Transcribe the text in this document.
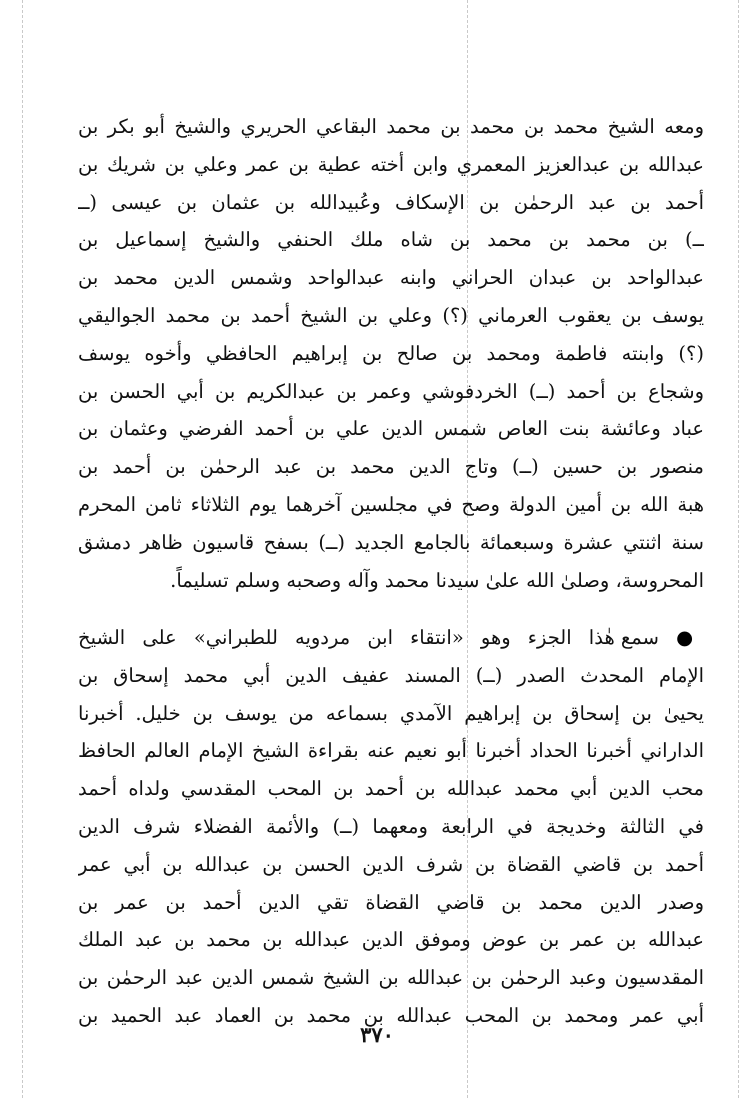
ومعه الشيخ محمد بن محمد بن محمد البقاعي الحريري والشيخ أبو بكر بن
عبدالله بن عبدالعزيز المعمري وابن أخته عطية بن عمر وعلي بن شريك بن
أحمد بن عبد الرحمٰن بن الإسكاف وعُبيدالله بن عثمان بن عيسى (ــ
ــ) بن محمد بن محمد بن شاه ملك الحنفي والشيخ إسماعيل بن
عبدالواحد بن عبدان الحراني وابنه عبدالواحد وشمس الدين محمد بن
يوسف بن يعقوب العرماني (؟) وعلي بن الشيخ أحمد بن محمد الجواليقي
(؟) وابنته فاطمة ومحمد بن صالح بن إبراهيم الحافظي وأخوه يوسف
وشجاع بن أحمد (ــ) الخردفوشي وعمر بن عبدالكريم بن أبي الحسن بن
عباد وعائشة بنت العاص شمس الدين علي بن أحمد الفرضي وعثمان بن
منصور بن حسين (ــ) وتاج الدين محمد بن عبد الرحمٰن بن أحمد بن
هبة الله بن أمين الدولة وصح في مجلسين آخرهما يوم الثلاثاء ثامن المحرم
سنة اثنتي عشرة وسبعمائة بالجامع الجديد (ــ) بسفح قاسيون ظاهر دمشق
المحروسة، وصلىٰ الله علىٰ سيدنا محمد وآله وصحبه وسلم تسليماً.
● سمع هٰذا الجزء وهو «انتقاء ابن مردويه للطبراني» على الشيخ
الإمام المحدث الصدر (ــ) المسند عفيف الدين أبي محمد إسحاق بن
يحيىٰ بن إسحاق بن إبراهيم الآمدي بسماعه من يوسف بن خليل. أخبرنا
الداراني أخبرنا الحداد أخبرنا أبو نعيم عنه بقراءة الشيخ الإمام العالم الحافظ
محب الدين أبي محمد عبدالله بن أحمد بن المحب المقدسي ولداه أحمد
في الثالثة وخديجة في الرابعة ومعهما (ــ) والأئمة الفضلاء شرف الدين
أحمد بن قاضي القضاة بن شرف الدين الحسن بن عبدالله بن أبي عمر
وصدر الدين محمد بن قاضي القضاة تقي الدين أحمد بن عمر بن
عبدالله بن عمر بن عوض وموفق الدين عبدالله بن محمد بن عبد الملك
المقدسيون وعبد الرحمٰن بن عبدالله بن الشيخ شمس الدين عبد الرحمٰن بن
أبي عمر ومحمد بن المحب عبدالله بن محمد بن العماد عبد الحميد بن
٣٧٠
